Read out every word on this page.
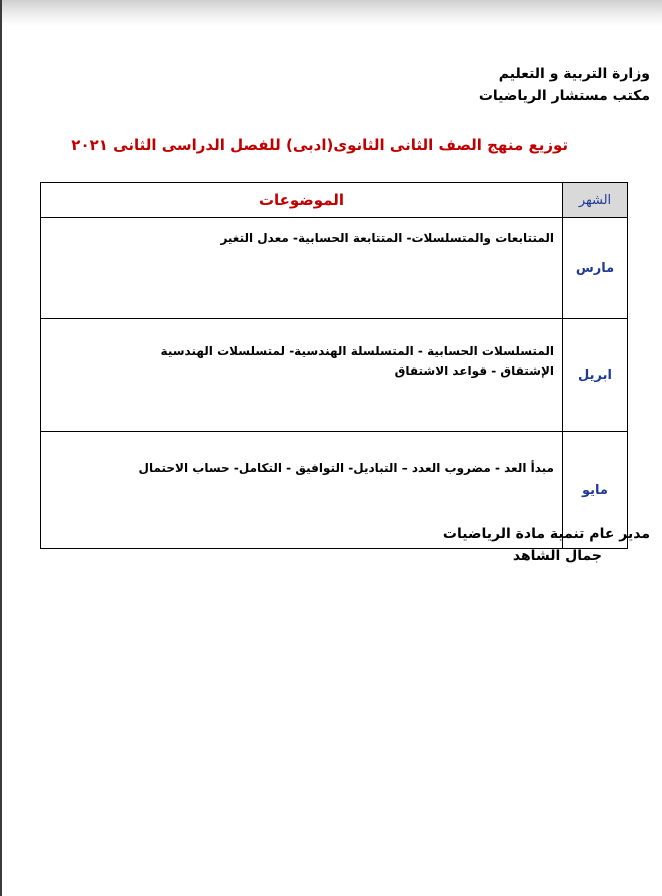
وزارة التربية و التعليم
مكتب مستشار الرياضيات
توزيع منهج الصف الثانى الثانوى(ادبى) للفصل الدراسى الثانى ٢٠٢١
الشهر	الموضوعات
مارس	المتتابعات والمتسلسلات- المتتابعة الحسابية- معدل التغير

ابريل	المتسلسلات الحسابية - المتسلسلة الهندسية- لمتسلسلات الهندسية
الإشتقاق - قواعد الاشتقاق

مايو	مبدأ العد - مضروب العدد – التباديل- التوافيق - التكامل- حساب الاحتمال
مدير عام تنمية مادة الرياضيات
جمال الشاهد
